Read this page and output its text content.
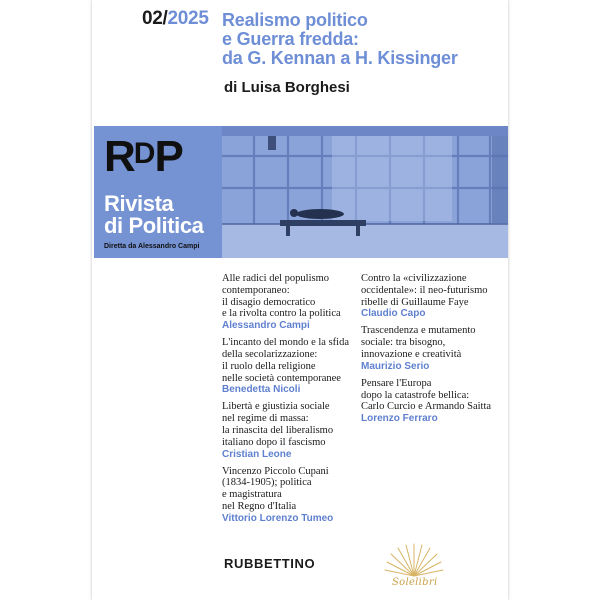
02/2025 Realismo politico
e Guerra fredda:
da G. Kennan a H. Kissinger
di Luisa Borghesi
RDP
Rivista
di Politica
Diretta da Alessandro Campi
Alle radici del populismo
contemporaneo:
il disagio democratico
e la rivolta contro la politica
Alessandro Campi
L'incanto del mondo e la sfida
della secolarizzazione:
il ruolo della religione
nelle società contemporanee
Benedetta Nicoli
Libertà e giustizia sociale
nel regime di massa:
la rinascita del liberalismo
italiano dopo il fascismo
Cristian Leone
Vincenzo Piccolo Cupani
(1834-1905); politica
e magistratura
nel Regno d'Italia
Vittorio Lorenzo Tumeo
Contro la «civilizzazione
occidentale»: il neo-futurismo
ribelle di Guillaume Faye
Claudio Capo
Trascendenza e mutamento
sociale: tra bisogno,
innovazione e creatività
Maurizio Serio
Pensare l'Europa
dopo la catastrofe bellica:
Carlo Curcio e Armando Saitta
Lorenzo Ferraro
RUBBETTINO
Solelibri
